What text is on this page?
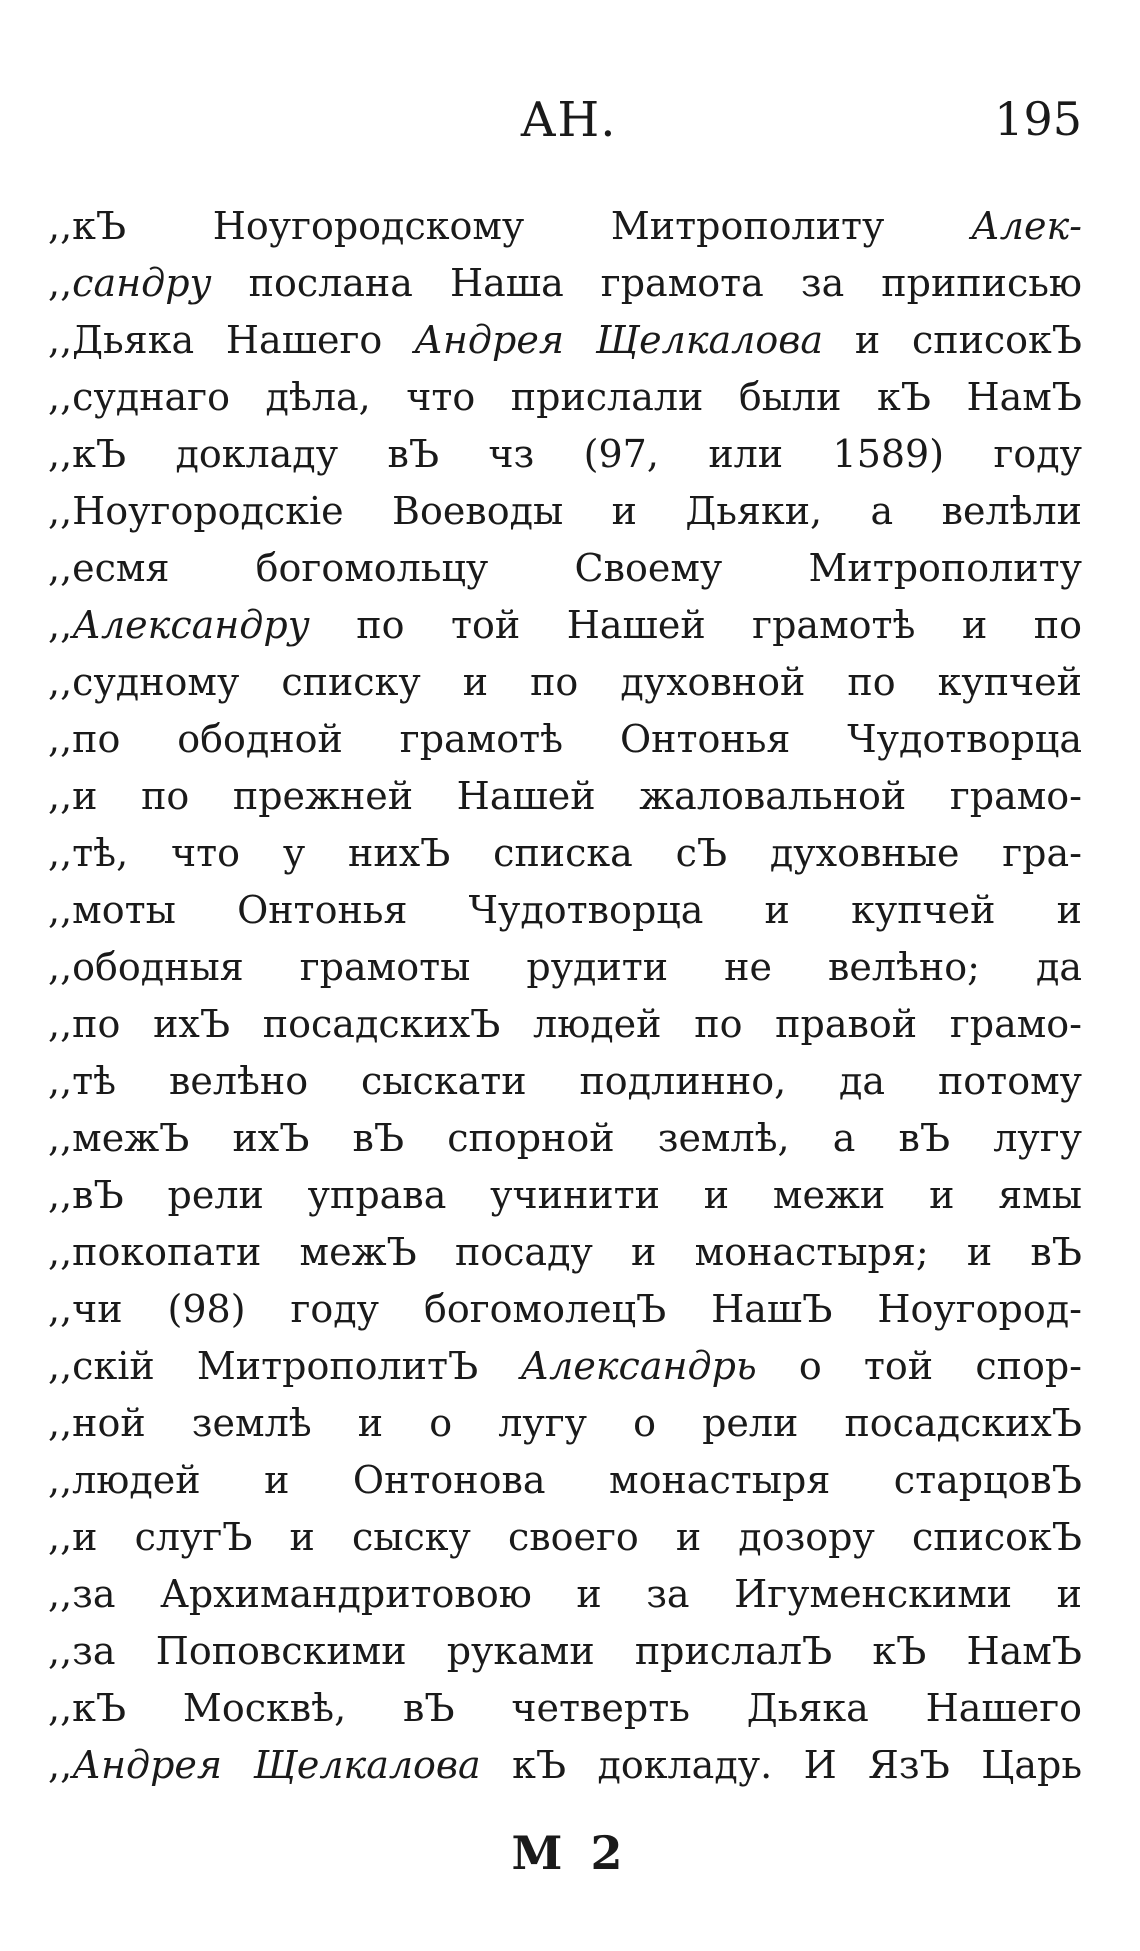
АН.	195
,,кЪ Ноугородскому Митрополиту Алек-
,,сандру послана Наша грамота за приписью
,,Дьяка Нашего Андрея Щелкалова и списокЪ
,,суднаго дѣла, что прислали были кЪ НамЪ
,,кЪ докладу вЪ чз (97, или 1589) году
,,Ноугородскіе Воеводы и Дьяки, а велѣли
,,есмя богомольцу Своему Митрополиту
,,Александру по той Нашей грамотѣ и по
,,судному списку и по духовной по купчей
,,по ободной грамотѣ Онтонья Чудотворца
,,и по прежней Нашей жаловальной грамо-
,,тѣ, что у нихЪ списка сЪ духовные гра-
,,моты Онтонья Чудотворца и купчей и
,,ободныя грамоты рудити не велѣно; да
,,по ихЪ посадскихЪ людей по правой грамо-
,,тѣ велѣно сыскати подлинно, да потому
,,межЪ ихЪ вЪ спорной землѣ, а вЪ лугу
,,вЪ рели управа учинити и межи и ямы
,,покопати межЪ посаду и монастыря; и вЪ
,,чи (98) году богомолецЪ НашЪ Ноугород-
,,скій МитрополитЪ Александрь о той спор-
,,ной землѣ и о лугу о рели посадскихЪ
,,людей и Онтонова монастыря старцовЪ
,,и слугЪ и сыску своего и дозору списокЪ
,,за Архимандритовою и за Игуменскими и
,,за Поповскими руками прислалЪ кЪ НамЪ
,,кЪ Москвѣ, вЪ четверть Дьяка Нашего
,,Андрея Щелкалова кЪ докладу. И ЯзЪ Царь
М 2
